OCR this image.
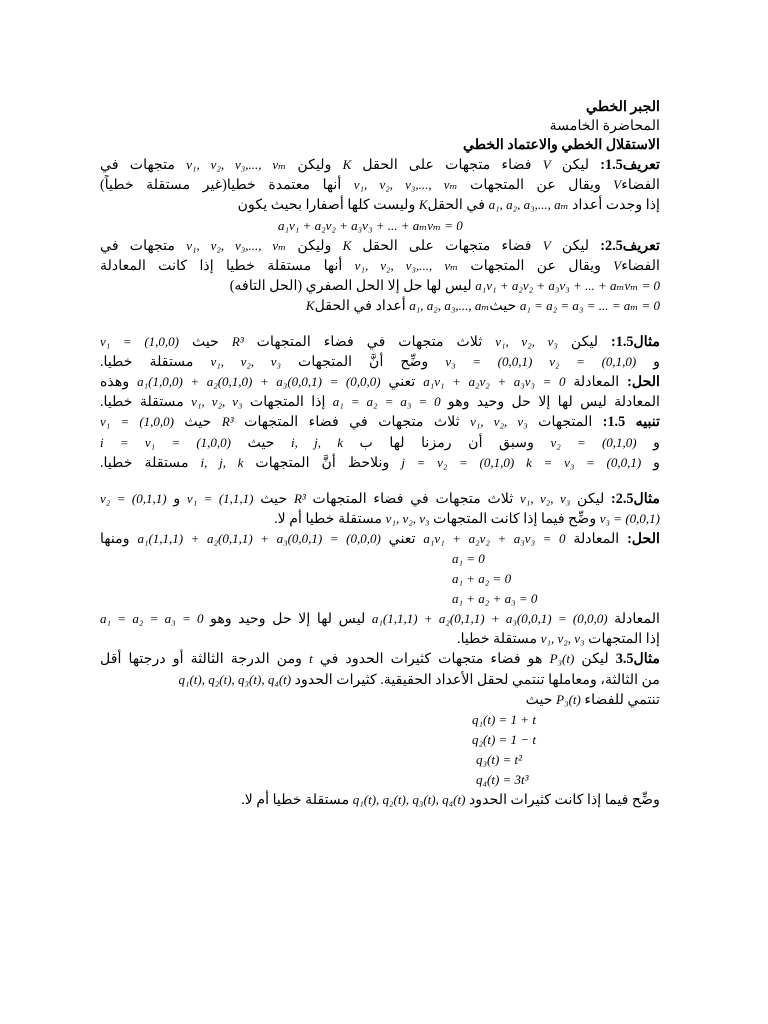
الجبر الخطي
المحاضرة الخامسة
الاستقلال الخطي والاعتماد الخطي
تعريف1.5: ليكن V فضاء متجهات على الحقل K وليكن v₁, v₂, v₃,..., vₘ متجهات في
الفضاءV ويقال عن المتجهات v₁, v₂, v₃,..., vₘ أنها معتمدة خطيا(غير مستقلة خطياً)
إذا وجدت أعداد a₁, a₂, a₃,..., aₘ في الحقلK وليست كلها أصفارا بحيث يكون
a₁v₁ + a₂v₂ + a₃v₃ + ... + aₘvₘ = 0
تعريف2.5: ليكن V فضاء متجهات على الحقل K وليكن v₁, v₂, v₃,..., vₘ متجهات في
الفضاءV ويقال عن المتجهات v₁, v₂, v₃,..., vₘ أنها مستقلة خطيا إذا كانت المعادلة
a₁v₁ + a₂v₂ + a₃v₃ + ... + aₘvₘ = 0 ليس لها حل إلا الحل الصفري (الحل التافه)
a₁ = a₂ = a₃ = ... = aₘ = 0 حيثa₁, a₂, a₃,..., aₘ أعداد في الحقلK
مثال1.5: ليكن v₁, v₂, v₃ ثلاث متجهات في فضاء المتجهات R³ حيث v₁ = (1,0,0)
و v₂ = (0,1,0) v₃ = (0,0,1) وضِّح أنَّ المتجهات v₁, v₂, v₃ مستقلة خطيا.
الحل: المعادلة a₁v₁ + a₂v₂ + a₃v₃ = 0 تعني a₁(1,0,0) + a₂(0,1,0) + a₃(0,0,1) = (0,0,0) وهذه
المعادلة ليس لها إلا حل وحيد وهو a₁ = a₂ = a₃ = 0 إذا المتجهات v₁, v₂, v₃ مستقلة خطيا.
تنبيه 1.5: المتجهات v₁, v₂, v₃ ثلاث متجهات في فضاء المتجهات R³ حيث v₁ = (1,0,0)
و v₂ = (0,1,0) وسبق أن رمزنا لها ب i, j, k حيث i = v₁ = (1,0,0)
و k = v₃ = (0,0,1) j = v₂ = (0,1,0) ونلاحظ أنَّ المتجهات i, j, k مستقلة خطيا.
مثال2.5: ليكن v₁, v₂, v₃ ثلاث متجهات في فضاء المتجهات R³ حيث v₁ = (1,1,1) و v₂ = (0,1,1)
v₃ = (0,0,1) وضِّح فيما إذا كانت المتجهات v₁, v₂, v₃ مستقلة خطيا أم لا.
الحل: المعادلة a₁v₁ + a₂v₂ + a₃v₃ = 0 تعني a₁(1,1,1) + a₂(0,1,1) + a₃(0,0,1) = (0,0,0) ومنها
a₁ = 0
a₁ + a₂ = 0
a₁ + a₂ + a₃ = 0
المعادلة a₁(1,1,1) + a₂(0,1,1) + a₃(0,0,1) = (0,0,0) ليس لها إلا حل وحيد وهو a₁ = a₂ = a₃ = 0
إذا المتجهات v₁, v₂, v₃ مستقلة خطيا.
مثال3.5 ليكن P₃(t) هو فضاء متجهات كثيرات الحدود في t ومن الدرجة الثالثة أو درجتها أقل
من الثالثة، ومعاملها تنتمي لحقل الأعداد الحقيقية. كثيرات الحدود q₁(t), q₂(t), q₃(t), q₄(t)
تنتمي للفضاء P₃(t) حيث
q₁(t) = 1 + t
q₂(t) = 1 − t
q₃(t) = t²
q₄(t) = 3t³
وضِّح فيما إذا كانت كثيرات الحدود q₁(t), q₂(t), q₃(t), q₄(t) مستقلة خطيا أم لا.
